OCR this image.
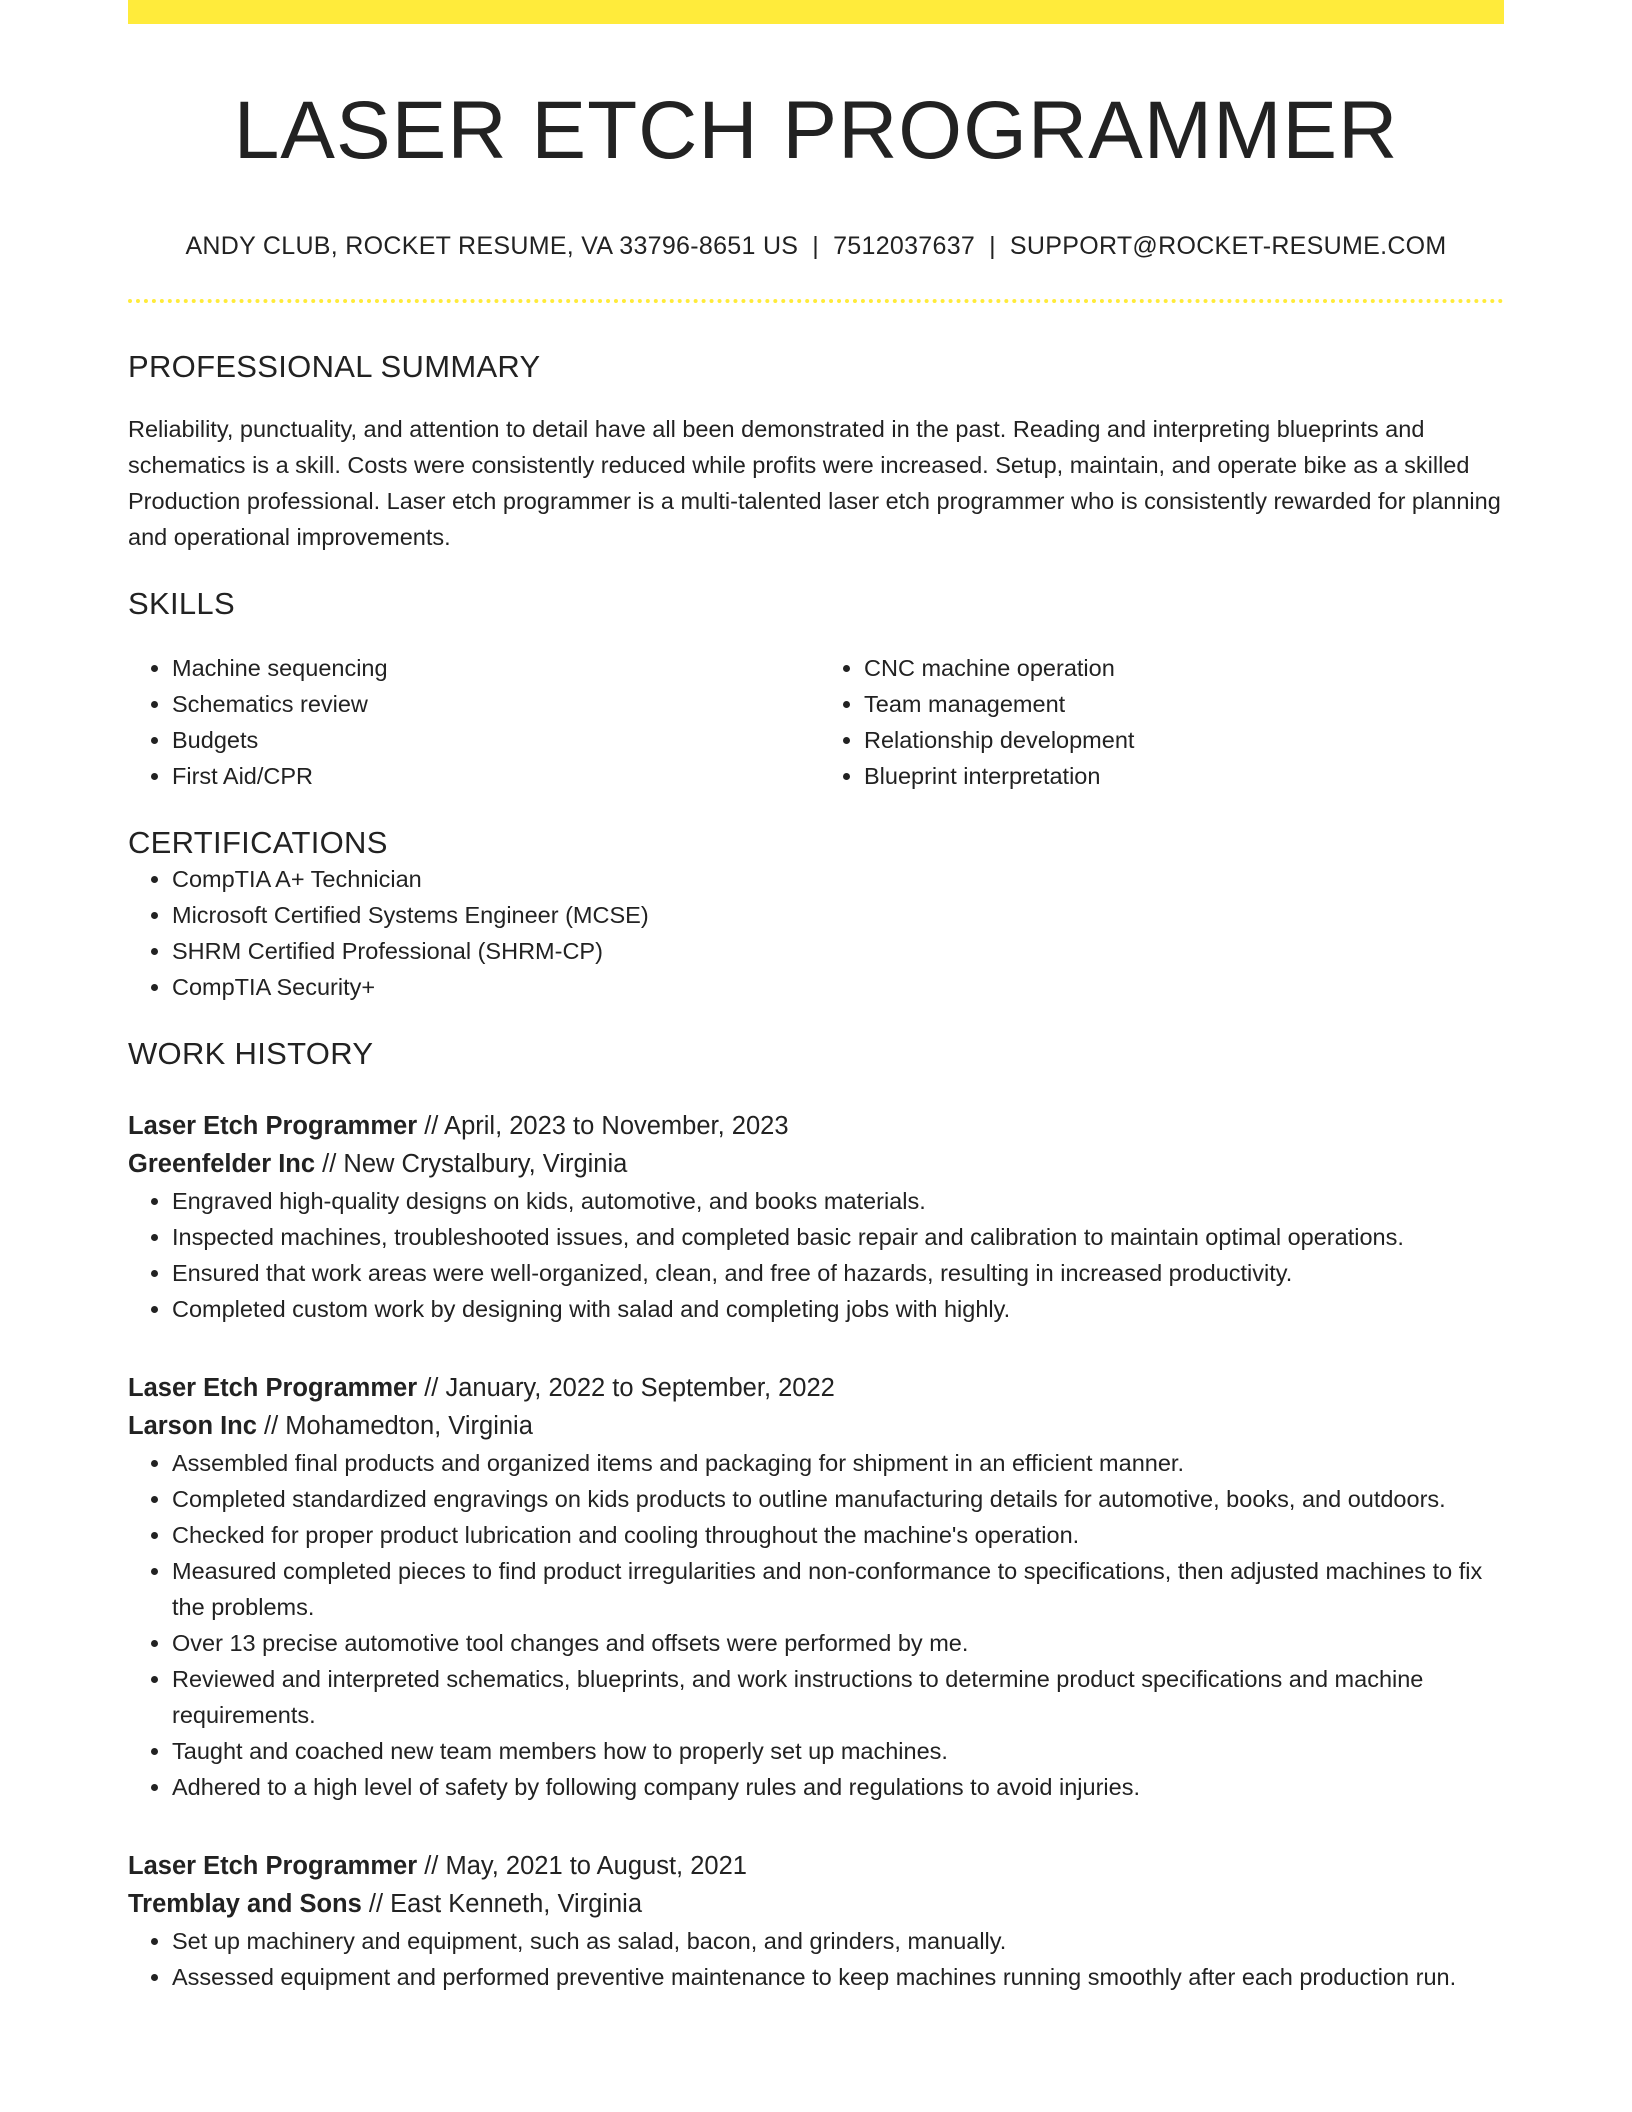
LASER ETCH PROGRAMMER
ANDY CLUB, ROCKET RESUME, VA 33796-8651 US | 7512037637 | SUPPORT@ROCKET-RESUME.COM
PROFESSIONAL SUMMARY
Reliability, punctuality, and attention to detail have all been demonstrated in the past. Reading and interpreting blueprints and schematics is a skill. Costs were consistently reduced while profits were increased. Setup, maintain, and operate bike as a skilled Production professional. Laser etch programmer is a multi-talented laser etch programmer who is consistently rewarded for planning and operational improvements.
SKILLS
• Machine sequencing
• Schematics review
• Budgets
• First Aid/CPR
• CNC machine operation
• Team management
• Relationship development
• Blueprint interpretation
CERTIFICATIONS
• CompTIA A+ Technician
• Microsoft Certified Systems Engineer (MCSE)
• SHRM Certified Professional (SHRM-CP)
• CompTIA Security+
WORK HISTORY
Laser Etch Programmer // April, 2023 to November, 2023
Greenfelder Inc // New Crystalbury, Virginia
• Engraved high-quality designs on kids, automotive, and books materials.
• Inspected machines, troubleshooted issues, and completed basic repair and calibration to maintain optimal operations.
• Ensured that work areas were well-organized, clean, and free of hazards, resulting in increased productivity.
• Completed custom work by designing with salad and completing jobs with highly.
Laser Etch Programmer // January, 2022 to September, 2022
Larson Inc // Mohamedton, Virginia
• Assembled final products and organized items and packaging for shipment in an efficient manner.
• Completed standardized engravings on kids products to outline manufacturing details for automotive, books, and outdoors.
• Checked for proper product lubrication and cooling throughout the machine's operation.
• Measured completed pieces to find product irregularities and non-conformance to specifications, then adjusted machines to fix the problems.
• Over 13 precise automotive tool changes and offsets were performed by me.
• Reviewed and interpreted schematics, blueprints, and work instructions to determine product specifications and machine requirements.
• Taught and coached new team members how to properly set up machines.
• Adhered to a high level of safety by following company rules and regulations to avoid injuries.
Laser Etch Programmer // May, 2021 to August, 2021
Tremblay and Sons // East Kenneth, Virginia
• Set up machinery and equipment, such as salad, bacon, and grinders, manually.
• Assessed equipment and performed preventive maintenance to keep machines running smoothly after each production run.
